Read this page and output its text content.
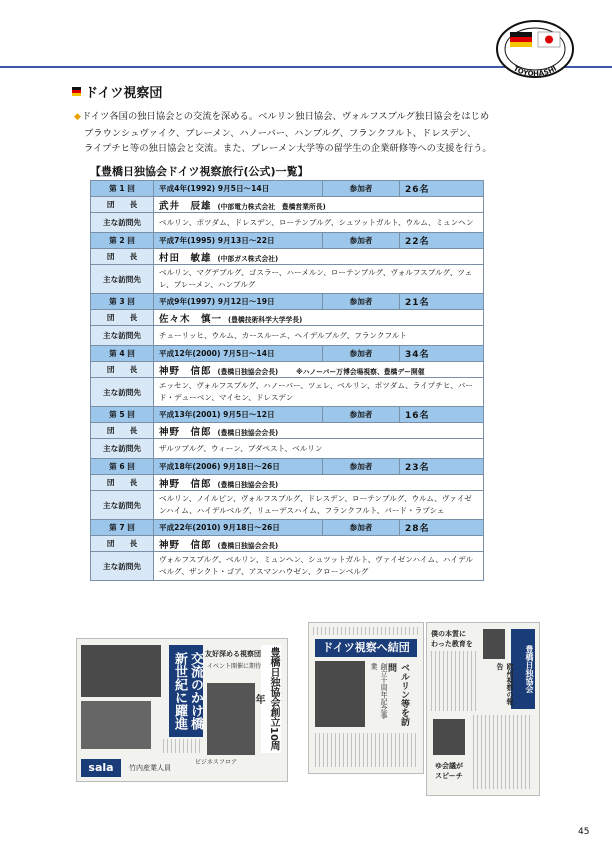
TOYOHASHI
ドイツ視察団

◆ドイツ各国の独日協会との交流を深める。ベルリン独日協会、ヴォルフスブルグ独日協会をはじめ

ブラウンシュヴァイク、ブレーメン、ハノーバー、ハンブルグ、フランクフルト、ドレスデン、

ライプチヒ等の独日協会と交流。また、ブレーメン大学等の留学生の企業研修等への支援を行う。

【豊橋日独協会ドイツ視察旅行(公式)一覧】
第 1 回	平成4年(1992) 9月5日～14日	参加者	26名
団　　長	武井　辰雄 (中部電力株式会社　豊橋営業所長)		
主な訪問先	ベルリン、ポツダム、ドレスデン、ローテンブルグ、シュツットガルト、ウルム、ミュンヘン		
第 2 回	平成7年(1995) 9月13日～22日	参加者	22名
団　　長	村田　敏雄 (中部ガス株式会社)		
主な訪問先	ベルリン、マグデブルグ、ゴスラー、ハーメルン、ローテンブルグ、ヴォルフスブルグ、ツェレ、ブレーメン、ハンブルグ		
第 3 回	平成9年(1997) 9月12日～19日	参加者	21名
団　　長	佐々木　慎一 (豊橋技術科学大学学長)		
主な訪問先	チューリッヒ、ウルム、カースルーエ、ヘイデルブルグ、フランクフルト		
第 4 回	平成12年(2000) 7月5日～14日	参加者	34名
団　　長	神野　信郎 (豊橋日独協会会長) ※ハノーバー万博会場視察、豊橋デー開催		
主な訪問先	エッセン、ヴォルフスブルグ、ハノーバー、ツェレ、ベルリン、ポツダム、ライプチヒ、バード・デューベン、マイセン、ドレスデン		
第 5 回	平成13年(2001) 9月5日～12日	参加者	16名
団　　長	神野　信郎 (豊橋日独協会会長)		
主な訪問先	ザルツブルグ、ウィーン、ブダペスト、ベルリン		
第 6 回	平成18年(2006) 9月18日～26日	参加者	23名
団　　長	神野　信郎 (豊橋日独協会会長)		
主な訪問先	ベルリン、ノイルピン、ヴォルフスブルグ、ドレスデン、ローテンブルグ、ウルム、ヴァイゼンハイム、ハイデルベルグ、リューデスハイム、フランクフルト、バード・ラプシェ		
第 7 回	平成22年(2010) 9月18日～26日	参加者	28名
団　　長	神野　信郎 (豊橋日独協会会長)		
主な訪問先	ヴォルフスブルグ、ベルリン、ミュンヘン、シュツットガルト、ヴァイゼンハイム、ハイデルベルグ、ザンクト・ゴア、アスマンハウゼン、クローンベルグ		
交流のかけ橋 新世紀に躍進	豊橋日独協会創立10周年
友好深める視察団
イベント開催に期待
sala	竹内産業人員
ビジネスフロア
ドイツ視察へ結団
創立十周年記念事業	ベルリン等を訪問
僕の本質に
わった教育を
豊橋日独協会
欧州視察の報告
ゆ会議が
スピーチ
45
